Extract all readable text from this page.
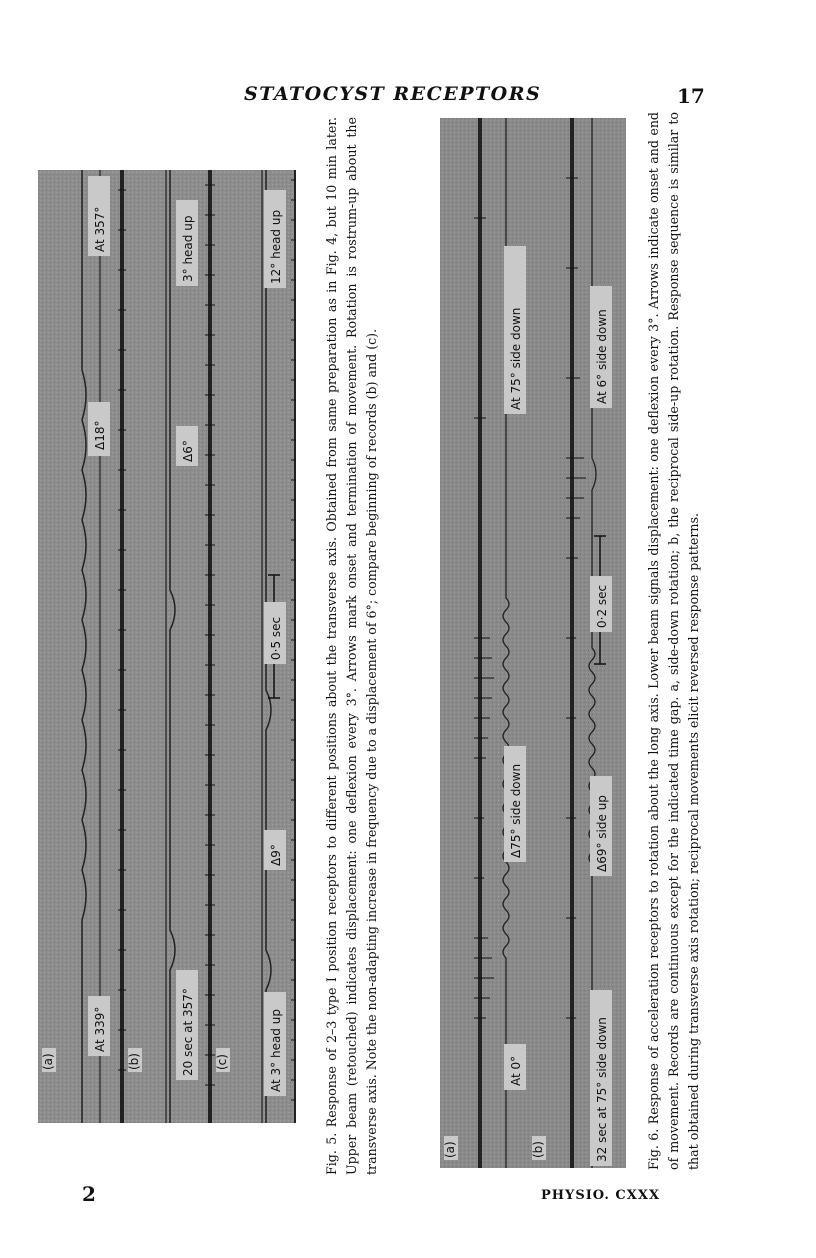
STATOCYST RECEPTORS	17
(a)
At 339°
Δ18°
At 357°
(b)	20 sec at 357°
Δ6°
3° head up
(c)	At 3° head up
Δ9°
12° head up
0·5 sec	Fig. 5. Response of 2–3 type I position receptors to different positions about the transverse axis. Obtained from same preparation as in Fig. 4, but 10 min later. Upper beam (retouched) indicates displacement: one deflexion every 3°. Arrows mark onset and termination of movement. Rotation is rostrum-up about the transverse axis. Note the non-adapting increase in frequency due to a displacement of 6°; compare beginning of records (b) and (c).	(a)
At 0°
Δ75° side down
At 75° side down
(b)	32 sec at 75° side down
Δ69° side up
At 6° side down
0·2 sec	Fig. 6. Response of acceleration receptors to rotation about the long axis. Lower beam signals displacement: one deflexion every 3°. Arrows indicate onset and end of movement. Records are continuous except for the indicated time gap. a, side-down rotation; b, the reciprocal side-up rotation. Response sequence is similar to that obtained during transverse axis rotation; reciprocal movements elicit reversed response patterns.
2	PHYSIO. CXXX
